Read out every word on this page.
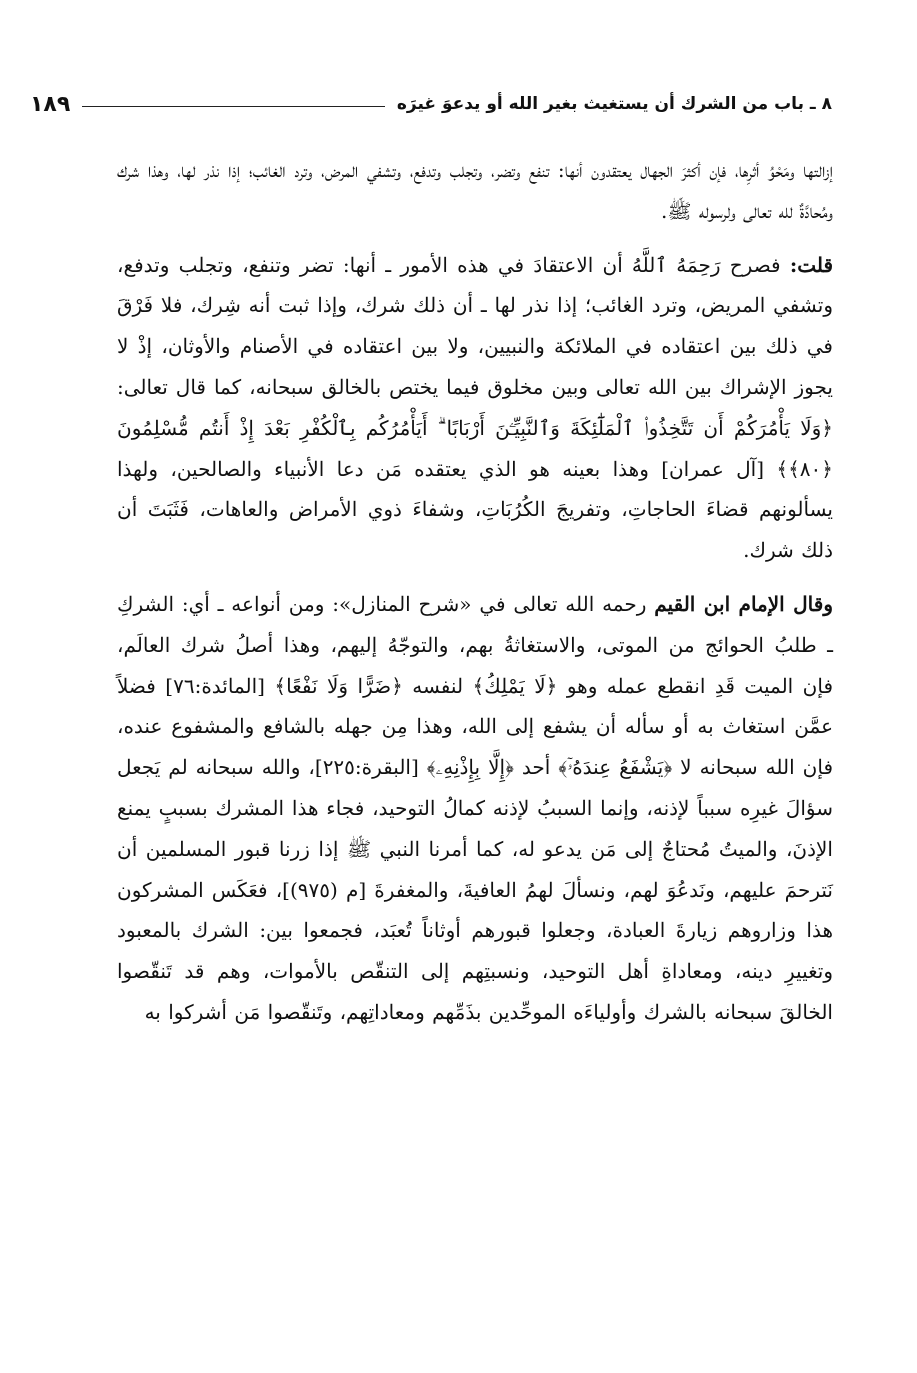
٨ ـ باب من الشرك أن يستغيث بغير الله أو يدعوَ غيرَه
١٨٩

إزالتها ومَحْوُ أثرِها، فإن أكثرَ الجهال يعتقدون أنها: تنفع وتضر، وتجلب وتدفع، وتشفي المرض، وترد الغائب؛ إذا نذر لها، وهذا شرك ومُحادَّةٌ لله تعالى ولرسوله ﷺ.

قلت: فصرح رَحِمَهُ ٱللَّهُ أن الاعتقادَ في هذه الأمور ـ أنها: تضر وتنفع، وتجلب وتدفع، وتشفي المريض، وترد الغائب؛ إذا نذر لها ـ أن ذلك شرك، وإذا ثبت أنه شِرك، فلا فَرْقَ في ذلك بين اعتقاده في الملائكة والنبيين، ولا بين اعتقاده في الأصنام والأوثان، إذْ لا يجوز الإشراك بين الله تعالى وبين مخلوق فيما يختص بالخالق سبحانه، كما قال تعالى: ﴿وَلَا يَأْمُرَكُمْ أَن تَتَّخِذُوا۟ ٱلْمَلَٰٓئِكَةَ وَٱلنَّبِيِّـۧنَ أَرْبَابًا ۗ أَيَأْمُرُكُم بِٱلْكُفْرِ بَعْدَ إِذْ أَنتُم مُّسْلِمُونَ ﴿٨٠﴾﴾ [آل عمران] وهذا بعينه هو الذي يعتقده مَن دعا الأنبياء والصالحين، ولهذا يسألونهم قضاءَ الحاجاتِ، وتفريجَ الكُرُبَاتِ، وشفاءَ ذوي الأمراض والعاهات، فَثَبَتَ أن ذلك شرك.

وقال الإمام ابن القيم رحمه الله تعالى في «شرح المنازل»: ومن أنواعه ـ أي: الشركِ ـ طلبُ الحوائج من الموتى، والاستغاثةُ بهم، والتوجّهُ إليهم، وهذا أصلُ شرك العالَم، فإن الميت قَدِ انقطع عمله وهو ﴿لَا يَمْلِكُ﴾ لنفسه ﴿ضَرًّا وَلَا نَفْعًا﴾ [المائدة:٧٦] فضلاً عمَّن استغاث به أو سأله أن يشفع إلى الله، وهذا مِن جهله بالشافع والمشفوع عنده، فإن الله سبحانه لا ﴿يَشْفَعُ عِندَهُۥٓ﴾ أحد ﴿إِلَّا بِإِذْنِهِۦ﴾ [البقرة:٢٢٥]، والله سبحانه لم يَجعل سؤالَ غيرِه سبباً لإذنه، وإنما السببُ لإذنه كمالُ التوحيد، فجاء هذا المشرك بسببٍ يمنع الإذنَ، والميتُ مُحتاجٌ إلى مَن يدعو له، كما أمرنا النبي ﷺ إذا زرنا قبور المسلمين أن نَترحمَ عليهم، ونَدعُوَ لهم، ونسألَ لهمُ العافيةَ، والمغفرةَ [م (٩٧٥)]، فعَكَس المشركون هذا وزاروهم زيارةَ العبادة، وجعلوا قبورهم أوثاناً تُعبَد، فجمعوا بين: الشرك بالمعبود وتغييرِ دينه، ومعاداةِ أهل التوحيد، ونسبتِهم إلى التنقّص بالأموات، وهم قد تَنقّصوا الخالقَ سبحانه بالشرك وأولياءَه الموحِّدين بذَمِّهم ومعاداتِهم، وتَنقّصوا مَن أشركوا به
